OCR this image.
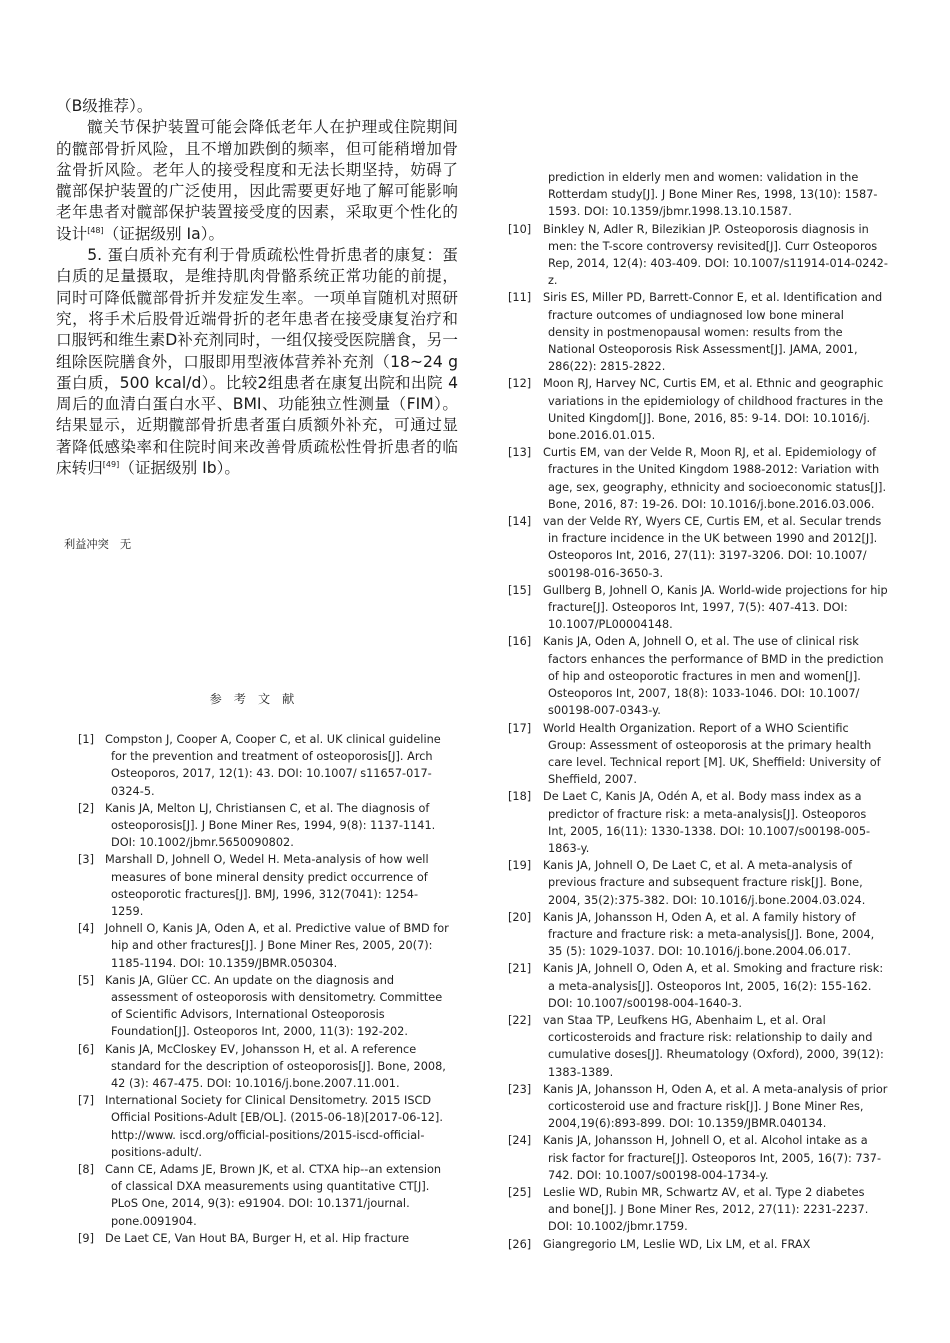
（B级推荐）。

髋关节保护装置可能会降低老年人在护理或住院期间的髋部骨折风险，且不增加跌倒的频率，但可能稍增加骨盆骨折风险。老年人的接受程度和无法长期坚持，妨碍了髋部保护装置的广泛使用，因此需要更好地了解可能影响老年患者对髋部保护装置接受度的因素，采取更个性化的设计[48]（证据级别 Ⅰa）。

5. 蛋白质补充有利于骨质疏松性骨折患者的康复：蛋白质的足量摄取，是维持肌肉骨骼系统正常功能的前提，同时可降低髋部骨折并发症发生率。一项单盲随机对照研究，将手术后股骨近端骨折的老年患者在接受康复治疗和口服钙和维生素D补充剂同时，一组仅接受医院膳食，另一组除医院膳食外，口服即用型液体营养补充剂（18~24 g蛋白质，500 kcal/d）。比较2组患者在康复出院和出院 4周后的血清白蛋白水平、BMI、功能独立性测量（FIM）。结果显示，近期髋部骨折患者蛋白质额外补充，可通过显著降低感染率和住院时间来改善骨质疏松性骨折患者的临床转归[49]（证据级别 Ⅰb）。

利益冲突　无
参考文献
[1] Compston J, Cooper A, Cooper C, et al. UK clinical guideline for the prevention and treatment of osteoporosis[J]. Arch Osteoporos, 2017, 12(1): 43. DOI: 10.1007/ s11657-017-0324-5.
[2] Kanis JA, Melton LJ, Christiansen C, et al. The diagnosis of osteoporosis[J]. J Bone Miner Res, 1994, 9(8): 1137-1141. DOI: 10.1002/jbmr.5650090802.
[3] Marshall D, Johnell O, Wedel H. Meta-analysis of how well measures of bone mineral density predict occurrence of osteoporotic fractures[J]. BMJ, 1996, 312(7041): 1254-1259.
[4] Johnell O, Kanis JA, Oden A, et al. Predictive value of BMD for hip and other fractures[J]. J Bone Miner Res, 2005, 20(7): 1185-1194. DOI: 10.1359/JBMR.050304.
[5] Kanis JA, Glüer CC. An update on the diagnosis and assessment of osteoporosis with densitometry. Committee of Scientific Advisors, International Osteoporosis Foundation[J]. Osteoporos Int, 2000, 11(3): 192-202.
[6] Kanis JA, McCloskey EV, Johansson H, et al. A reference standard for the description of osteoporosis[J]. Bone, 2008, 42 (3): 467-475. DOI: 10.1016/j.bone.2007.11.001.
[7] International Society for Clinical Densitometry. 2015 ISCD Official Positions-Adult [EB/OL]. (2015-06-18)[2017-06-12]. http://www. iscd.org/official-positions/2015-iscd-official-positions-adult/.
[8] Cann CE, Adams JE, Brown JK, et al. CTXA hip--an extension of classical DXA measurements using quantitative CT[J]. PLoS One, 2014, 9(3): e91904. DOI: 10.1371/journal. pone.0091904.
[9] De Laet CE, Van Hout BA, Burger H, et al. Hip fracture
prediction in elderly men and women: validation in the Rotterdam study[J]. J Bone Miner Res, 1998, 13(10): 1587-1593. DOI: 10.1359/jbmr.1998.13.10.1587.
[10]	Binkley N, Adler R, Bilezikian JP. Osteoporosis diagnosis in men: the T-score controversy revisited[J]. Curr Osteoporos Rep, 2014, 12(4): 403-409. DOI: 10.1007/s11914-014-0242-z.
[11]	Siris ES, Miller PD, Barrett-Connor E, et al. Identification and fracture outcomes of undiagnosed low bone mineral density in postmenopausal women: results from the National Osteoporosis Risk Assessment[J]. JAMA, 2001, 286(22): 2815-2822.
[12]	Moon RJ, Harvey NC, Curtis EM, et al. Ethnic and geographic variations in the epidemiology of childhood fractures in the United Kingdom[J]. Bone, 2016, 85: 9-14. DOI: 10.1016/j. bone.2016.01.015.
[13]	Curtis EM, van der Velde R, Moon RJ, et al. Epidemiology of fractures in the United Kingdom 1988-2012: Variation with age, sex, geography, ethnicity and socioeconomic status[J]. Bone, 2016, 87: 19-26. DOI: 10.1016/j.bone.2016.03.006.
[14]	van der Velde RY, Wyers CE, Curtis EM, et al. Secular trends in fracture incidence in the UK between 1990 and 2012[J]. Osteoporos Int, 2016, 27(11): 3197-3206. DOI: 10.1007/ s00198-016-3650-3.
[15]	Gullberg B, Johnell O, Kanis JA. World-wide projections for hip fracture[J]. Osteoporos Int, 1997, 7(5): 407-413. DOI: 10.1007/PL00004148.
[16]	Kanis JA, Oden A, Johnell O, et al. The use of clinical risk factors enhances the performance of BMD in the prediction of hip and osteoporotic fractures in men and women[J]. Osteoporos Int, 2007, 18(8): 1033-1046. DOI: 10.1007/ s00198-007-0343-y.
[17]	World Health Organization. Report of a WHO Scientific Group: Assessment of osteoporosis at the primary health care level. Technical report [M]. UK, Sheffield: University of Sheffield, 2007.
[18]	De Laet C, Kanis JA, Odén A, et al. Body mass index as a predictor of fracture risk: a meta-analysis[J]. Osteoporos Int, 2005, 16(11): 1330-1338. DOI: 10.1007/s00198-005-1863-y.
[19]	Kanis JA, Johnell O, De Laet C, et al. A meta-analysis of previous fracture and subsequent fracture risk[J]. Bone, 2004, 35(2):375-382. DOI: 10.1016/j.bone.2004.03.024.
[20]	Kanis JA, Johansson H, Oden A, et al. A family history of fracture and fracture risk: a meta-analysis[J]. Bone, 2004, 35 (5): 1029-1037. DOI: 10.1016/j.bone.2004.06.017.
[21]	Kanis JA, Johnell O, Oden A, et al. Smoking and fracture risk: a meta-analysis[J]. Osteoporos Int, 2005, 16(2): 155-162. DOI: 10.1007/s00198-004-1640-3.
[22]	van Staa TP, Leufkens HG, Abenhaim L, et al. Oral corticosteroids and fracture risk: relationship to daily and cumulative doses[J]. Rheumatology (Oxford), 2000, 39(12): 1383-1389.
[23]	Kanis JA, Johansson H, Oden A, et al. A meta-analysis of prior corticosteroid use and fracture risk[J]. J Bone Miner Res, 2004,19(6):893-899. DOI: 10.1359/JBMR.040134.
[24]	Kanis JA, Johansson H, Johnell O, et al. Alcohol intake as a risk factor for fracture[J]. Osteoporos Int, 2005, 16(7): 737-742. DOI: 10.1007/s00198-004-1734-y.
[25]	Leslie WD, Rubin MR, Schwartz AV, et al. Type 2 diabetes and bone[J]. J Bone Miner Res, 2012, 27(11): 2231-2237. DOI: 10.1002/jbmr.1759.
[26]	Giangregorio LM, Leslie WD, Lix LM, et al. FRAX
